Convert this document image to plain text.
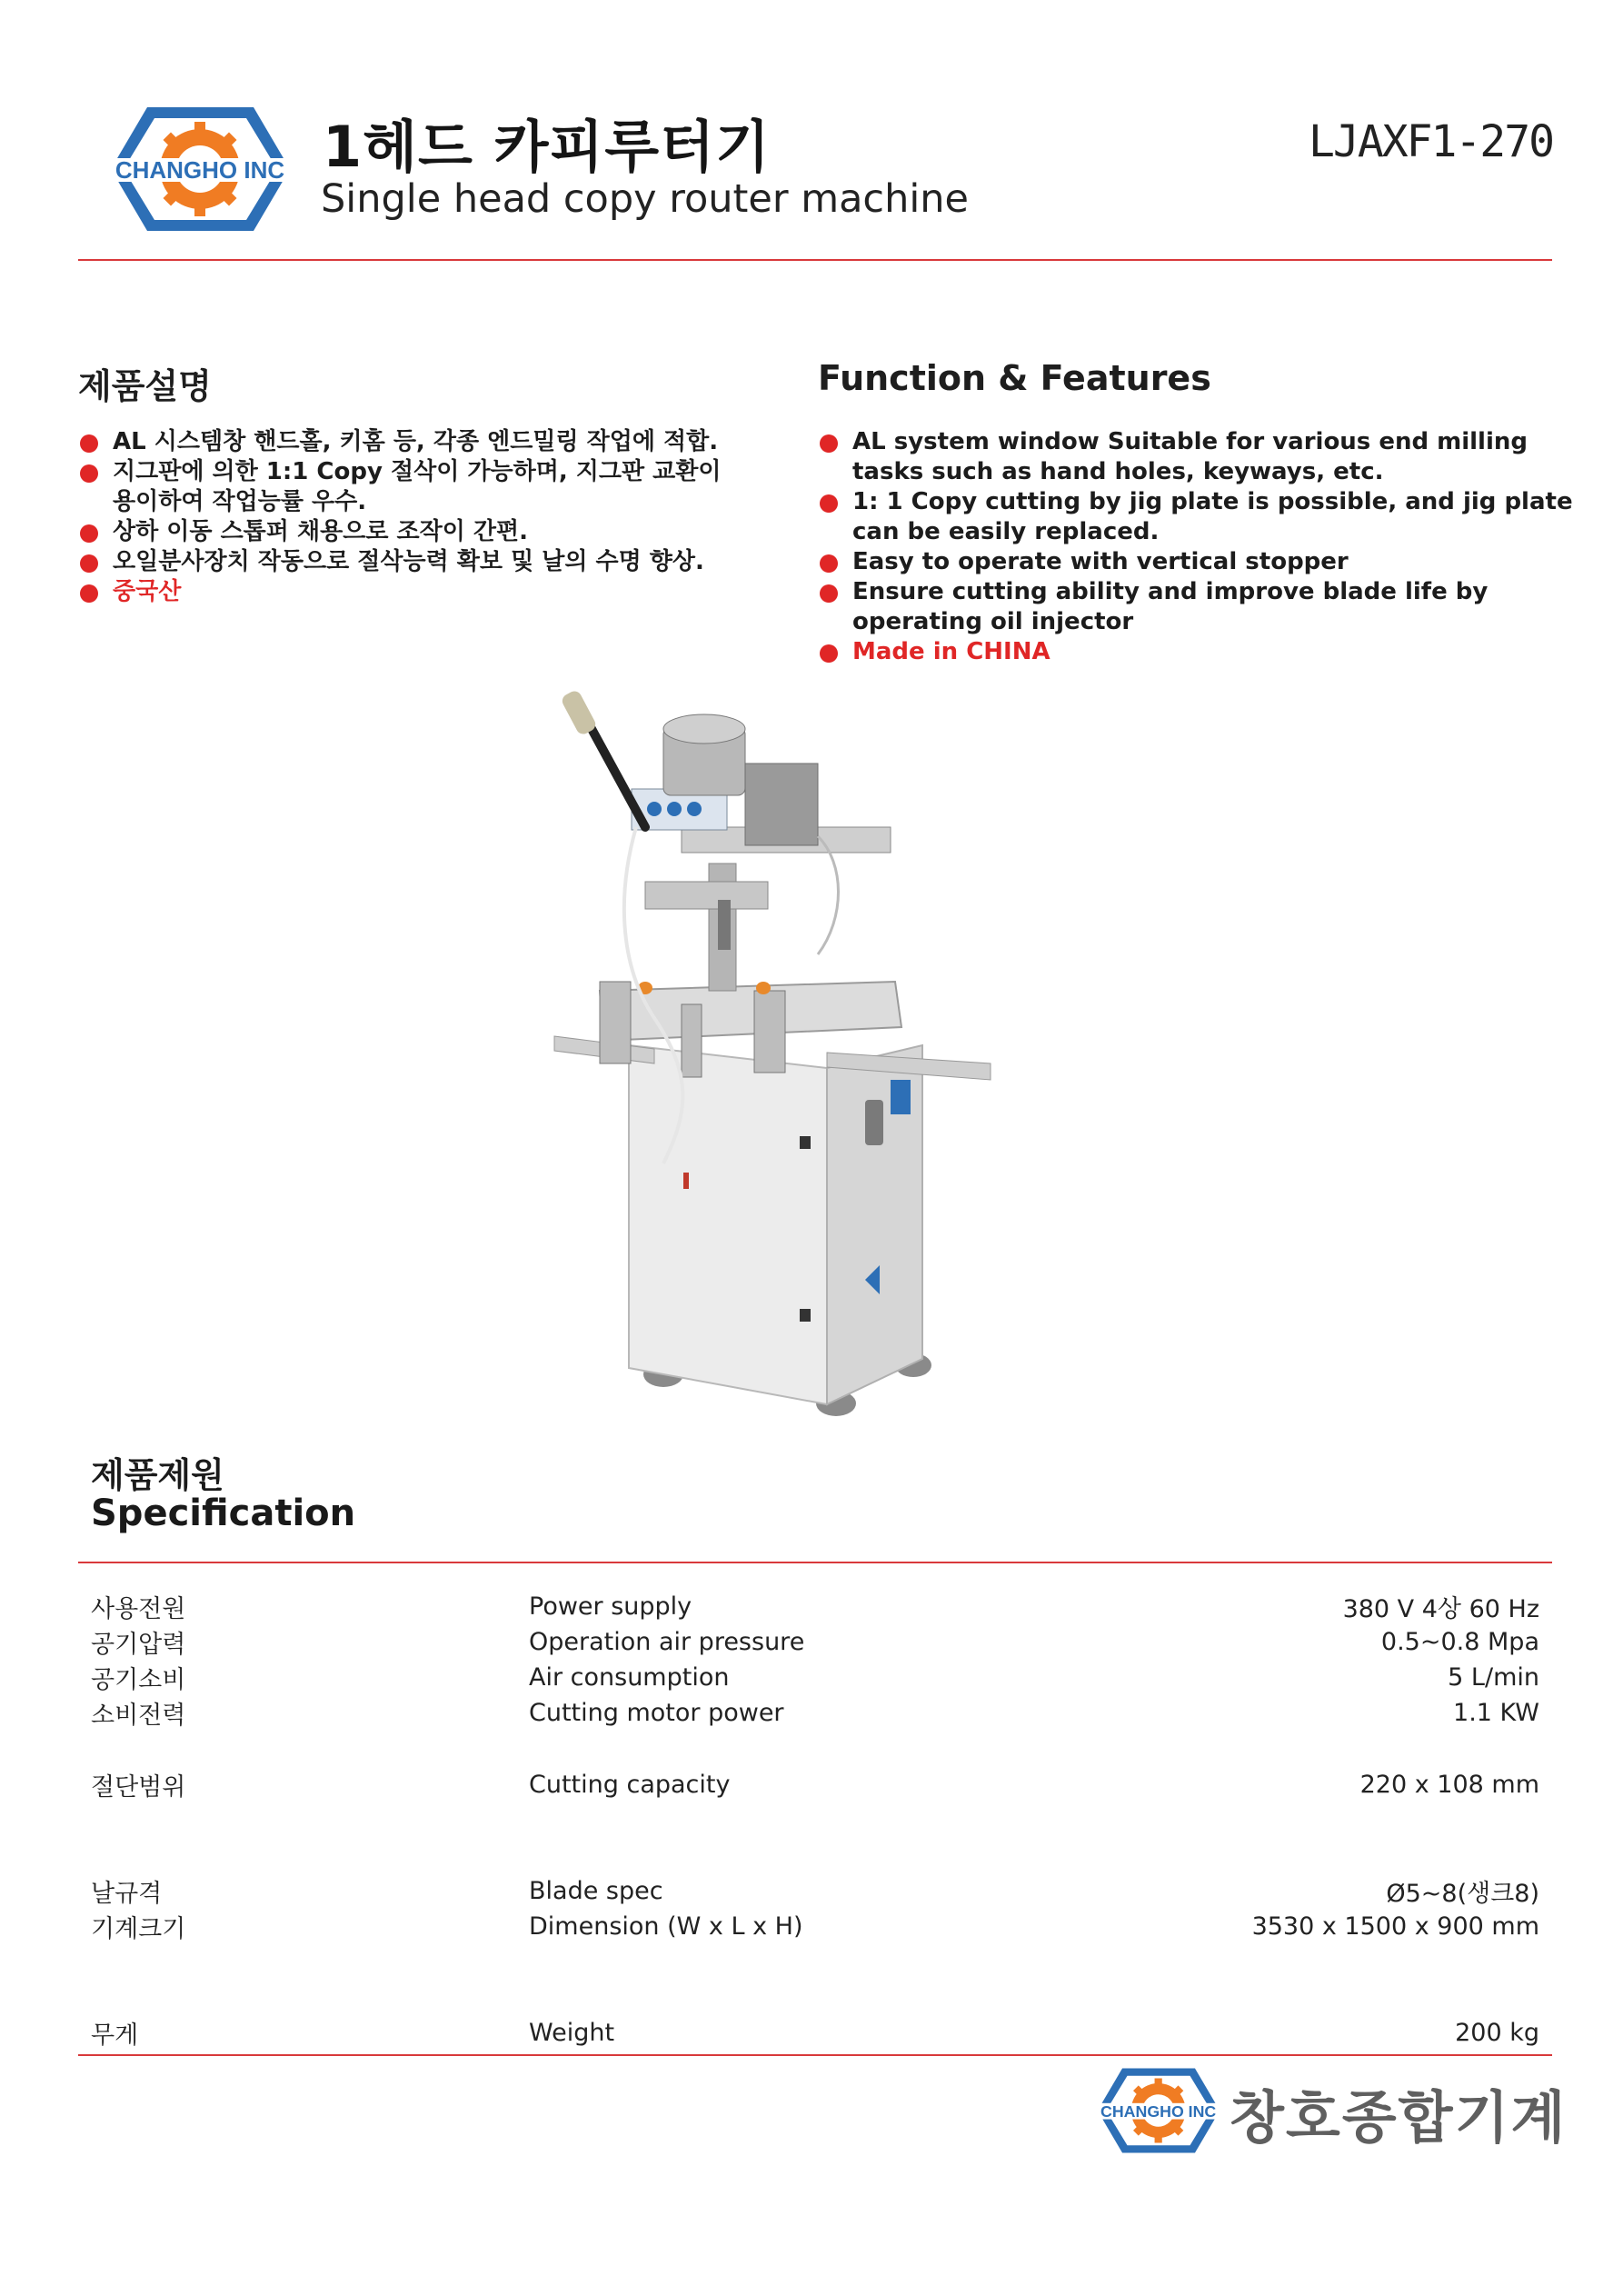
CHANGHO INC 1헤드 카피루터기
Single head copy router machine
LJAXF1-270
제품설명
AL 시스템창 핸드홀, 키홈 등, 각종 엔드밀링 작업에 적합.
지그판에 의한 1:1 Copy 절삭이 가능하며, 지그판 교환이 용이하여 작업능률 우수.
상하 이동 스톱퍼 채용으로 조작이 간편.
오일분사장치 작동으로 절삭능력 확보 및 날의 수명 향상.
중국산
Function & Features
AL system window Suitable for various end milling tasks such as hand holes, keyways, etc.
1: 1 Copy cutting by jig plate is possible, and jig plate can be easily replaced.
Easy to operate with vertical stopper
Ensure cutting ability and improve blade life by operating oil injector
Made in CHINA
제품제원
Specification
사용전원	Power supply	380 V 4상 60 Hz
공기압력	Operation air pressure	0.5~0.8 Mpa
공기소비	Air consumption	5 L/min
소비전력	Cutting motor power	1.1 KW

절단범위	Cutting capacity	220 x 108 mm

날규격	Blade spec	Ø5~8(생크8)
기계크기	Dimension (W x L x H)	3530 x 1500 x 900 mm

무게	Weight	200 kg
CHANGHO INC 창호종합기계
